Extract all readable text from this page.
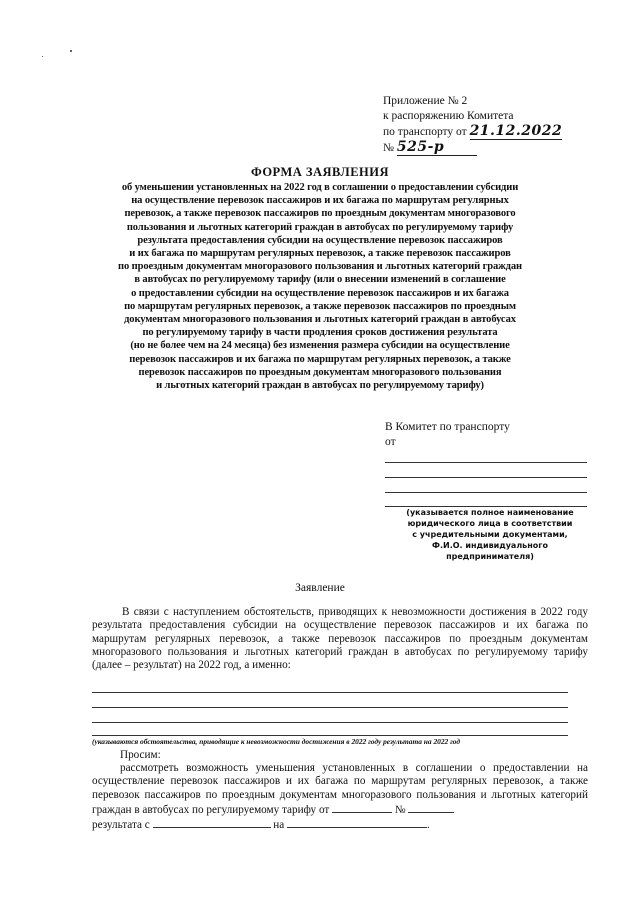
Приложение № 2
к распоряжению Комитета
по транспорту от 21.12.2022
№ 525-р
ФОРМА ЗАЯВЛЕНИЯ
об уменьшении установленных на 2022 год в соглашении о предоставлении субсидии
на осуществление перевозок пассажиров и их багажа по маршрутам регулярных
перевозок, а также перевозок пассажиров по проездным документам многоразового
пользования и льготных категорий граждан в автобусах по регулируемому тарифу
результата предоставления субсидии на осуществление перевозок пассажиров
и их багажа по маршрутам регулярных перевозок, а также перевозок пассажиров
по проездным документам многоразового пользования и льготных категорий граждан
в автобусах по регулируемому тарифу (или о внесении изменений в соглашение
о предоставлении субсидии на осуществление перевозок пассажиров и их багажа
по маршрутам регулярных перевозок, а также перевозок пассажиров по проездным
документам многоразового пользования и льготных категорий граждан в автобусах
по регулируемому тарифу в части продления сроков достижения результата
(но не более чем на 24 месяца) без изменения размера субсидии на осуществление
перевозок пассажиров и их багажа по маршрутам регулярных перевозок, а также
перевозок пассажиров по проездным документам многоразового пользования
и льготных категорий граждан в автобусах по регулируемому тарифу)
В Комитет по транспорту
от
(указывается полное наименование
юридического лица в соответствии
с учредительными документами,
Ф.И.О. индивидуального
предпринимателя)
Заявление
В связи с наступлением обстоятельств, приводящих к невозможности достижения в 2022 году результата предоставления субсидии на осуществление перевозок пассажиров и их багажа по маршрутам регулярных перевозок, а также перевозок пассажиров по проездным документам многоразового пользования и льготных категорий граждан в автобусах по регулируемому тарифу (далее – результат) на 2022 год, а именно:
(указываются обстоятельства, приводящие к невозможности достижения в 2022 году результата на 2022 год
Просим:
рассмотреть возможность уменьшения установленных в соглашении о предоставлении на осуществление перевозок пассажиров и их багажа по маршрутам регулярных перевозок, а также перевозок пассажиров по проездным документам многоразового пользования и льготных категорий граждан в автобусах по регулируемому тарифу от	№
результата с	на	.
